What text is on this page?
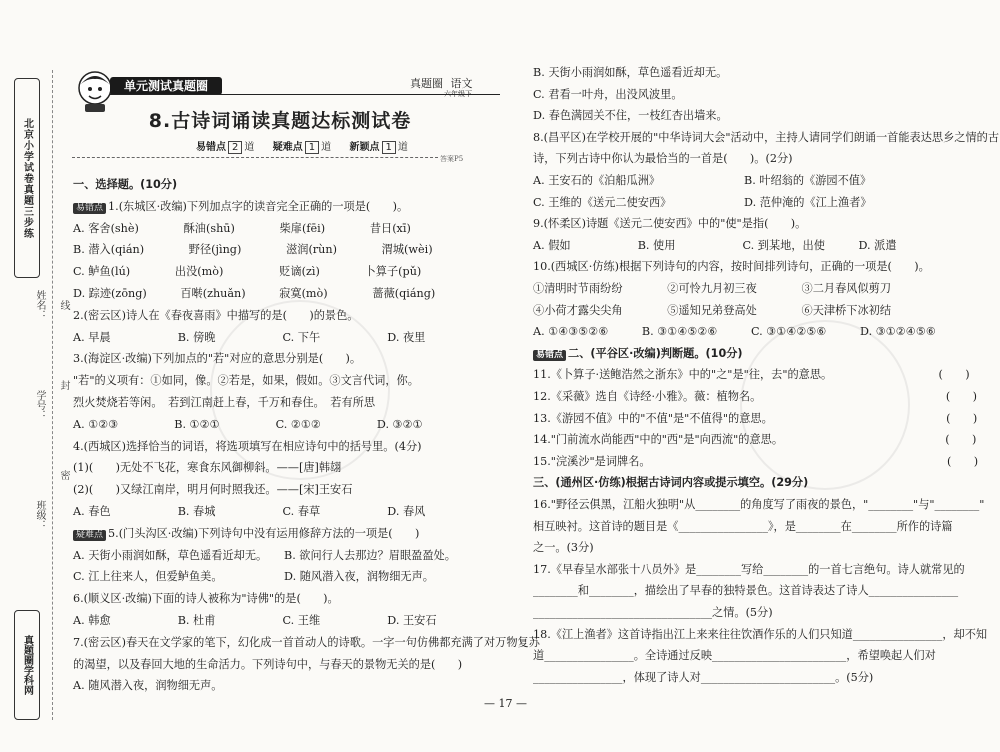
北京小学试卷真题三步练
姓名：
学号：
班级：
线
封
密
真题圈学科网
单元测试真题圈	真题圈 语文
六年级下
8.古诗词诵读真题达标测试卷
易错点 2 道 疑难点 1 道 新颖点 1 道
答案P5
一、选择题。(10分)
易错点 1.(东城区·改编)下列加点字的读音完全正确的一项是(　　)。
A. 客舍(shè)　　　　酥油(shū)　　　　柴扉(fēi)　　　　昔日(xī)
B. 潜入(qián)　　　　野径(jìng)　　　　滋润(rùn)　　　　渭城(wèi)
C. 鲈鱼(lú)　　　　出没(mò)　　　　　贬谪(zì)　　　　卜算子(pǔ)
D. 踪迹(zōng)　　　百啭(zhuǎn)　　　寂寞(mò)　　　　蔷薇(qiáng)
2.(密云区)诗人在《春夜喜雨》中描写的是(　　)的景色。
A. 早晨　　　　　　B. 傍晚　　　　　　C. 下午　　　　　　D. 夜里
3.(海淀区·改编)下列加点的"若"对应的意思分别是(　　)。
"若"的义项有：①如同，像。②若是，如果，假如。③文言代词，你。
烈火焚烧若等闲。　若到江南赶上春，千万和春住。　若有所思
A. ①②③　　　　　B. ①②①　　　　　C. ②①②　　　　　D. ③②①
4.(西城区)选择恰当的词语，将选项填写在相应诗句中的括号里。(4分)
(1)(　　)无处不飞花，寒食东风御柳斜。——[唐]韩翃
(2)(　　)又绿江南岸，明月何时照我还。——[宋]王安石
A. 春色　　　　　　B. 春城　　　　　　C. 春草　　　　　　D. 春风
疑难点 5.(门头沟区·改编)下列诗句中没有运用修辞方法的一项是(　　)
A. 天街小雨润如酥，草色遥看近却无。　　B. 欲问行人去那边？眉眼盈盈处。
C. 江上往来人，但爱鲈鱼美。　　　　　　D. 随风潜入夜，润物细无声。
6.(顺义区·改编)下面的诗人被称为"诗佛"的是(　　)。
A. 韩愈　　　　　　B. 杜甫　　　　　　C. 王维　　　　　　D. 王安石
7.(密云区)春天在文学家的笔下，幻化成一首首动人的诗歌。一字一句仿佛都充满了对万物复苏
的渴望，以及春回大地的生命活力。下列诗句中，与春天的景物无关的是(　　)
A. 随风潜入夜，润物细无声。
B. 天街小雨润如酥，草色遥看近却无。
C. 君看一叶舟，出没风波里。
D. 春色满园关不住，一枝红杏出墙来。
8.(昌平区)在学校开展的"中华诗词大会"活动中，主持人请同学们朗诵一首能表达思乡之情的古
诗，下列古诗中你认为最恰当的一首是(　　)。(2分)
A. 王安石的《泊船瓜洲》　　　　　　　　B. 叶绍翁的《游园不值》
C. 王维的《送元二使安西》　　　　　　　D. 范仲淹的《江上渔者》
9.(怀柔区)诗题《送元二使安西》中的"使"是指(　　)。
A. 假如　　　　　　B. 使用　　　　　　C. 到某地，出使　　　D. 派遣
10.(西城区·仿练)根据下列诗句的内容，按时间排列诗句，正确的一项是(　　)。
①清明时节雨纷纷　　　　②可怜九月初三夜　　　　③二月春风似剪刀
④小荷才露尖尖角　　　　⑤遥知兄弟登高处　　　　⑥天津桥下冰初结
A. ①④③⑤②⑥　　　B. ③①④⑤②⑥　　　C. ③①④②⑤⑥　　　D. ③①②④⑤⑥
易错点 二、(平谷区·改编)判断题。(10分)
11.《卜算子·送鲍浩然之浙东》中的"之"是"往，去"的意思。　　　　　　　　　　(　　)
12.《采薇》选自《诗经·小雅》。薇：植物名。　　　　　　　　　　　　　　　　　(　　)
13.《游园不值》中的"不值"是"不值得"的意思。　　　　　　　　　　　　　　　　(　　)
14."门前流水尚能西"中的"西"是"向西流"的意思。　　　　　　　　　　　　　　　(　　)
15."浣溪沙"是词牌名。　　　　　　　　　　　　　　　　　　　　　　　　　　　(　　)
三、(通州区·仿练)根据古诗词内容或提示填空。(29分)
16."野径云俱黑，江船火独明"从________的角度写了雨夜的景色，"________"与"________"
相互映衬。这首诗的题目是《________________》，是________在________所作的诗篇
之一。(3分)
17.《早春呈水部张十八员外》是________写给________的一首七言绝句。诗人就常见的
________和________，描绘出了早春的独特景色。这首诗表达了诗人________________
________________________________之情。(5分)
18.《江上渔者》这首诗指出江上来来往往饮酒作乐的人们只知道________________，却不知
道________________。全诗通过反映________________________，希望唤起人们对
________________，体现了诗人对________________________。(5分)
— 17 —
